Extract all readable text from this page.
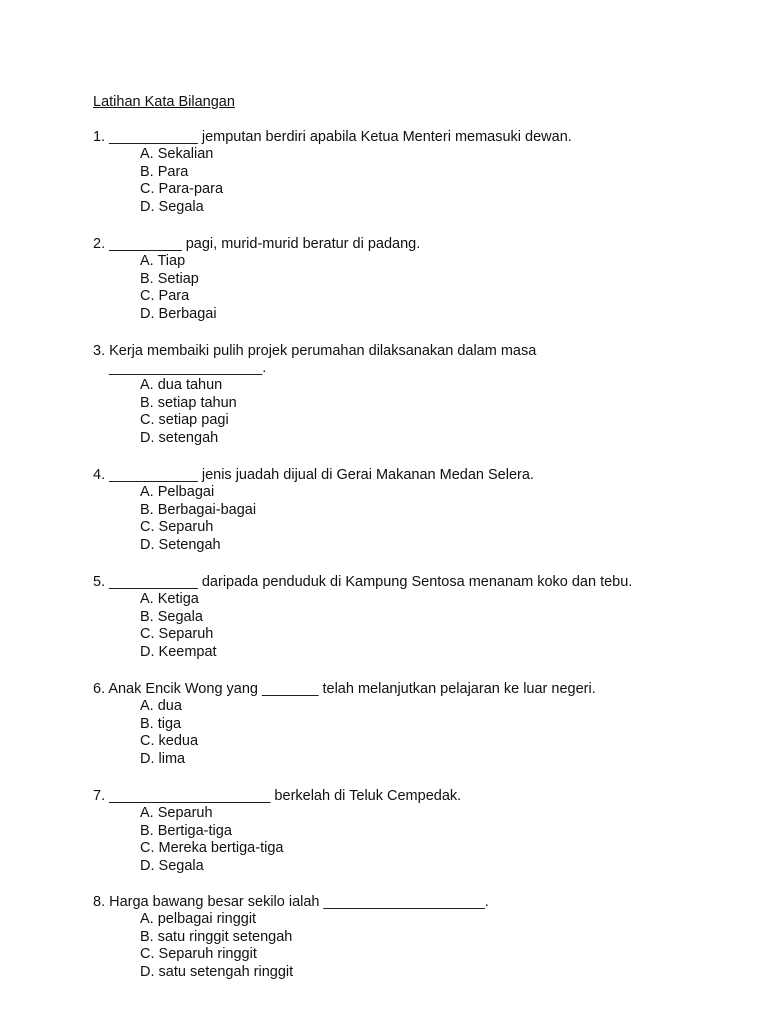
Latihan Kata Bilangan
1. ___________ jemputan berdiri apabila Ketua Menteri memasuki dewan.
A. Sekalian
B. Para
C. Para-para
D. Segala
2. _________ pagi, murid-murid beratur di padang.
A. Tiap
B. Setiap
C. Para
D. Berbagai
3. Kerja membaiki pulih projek perumahan dilaksanakan dalam masa
___________________.
A. dua tahun
B. setiap tahun
C. setiap pagi
D. setengah
4. ___________ jenis juadah dijual di Gerai Makanan Medan Selera.
A. Pelbagai
B. Berbagai-bagai
C. Separuh
D. Setengah
5. ___________ daripada penduduk di Kampung Sentosa menanam koko dan tebu.
A. Ketiga
B. Segala
C. Separuh
D. Keempat
6. Anak Encik Wong yang _______ telah melanjutkan pelajaran ke luar negeri.
A. dua
B. tiga
C. kedua
D. lima
7. ____________________ berkelah di Teluk Cempedak.
A. Separuh
B. Bertiga-tiga
C. Mereka bertiga-tiga
D. Segala
8. Harga bawang besar sekilo ialah ____________________.
A. pelbagai ringgit
B. satu ringgit setengah
C. Separuh ringgit
D. satu setengah ringgit
